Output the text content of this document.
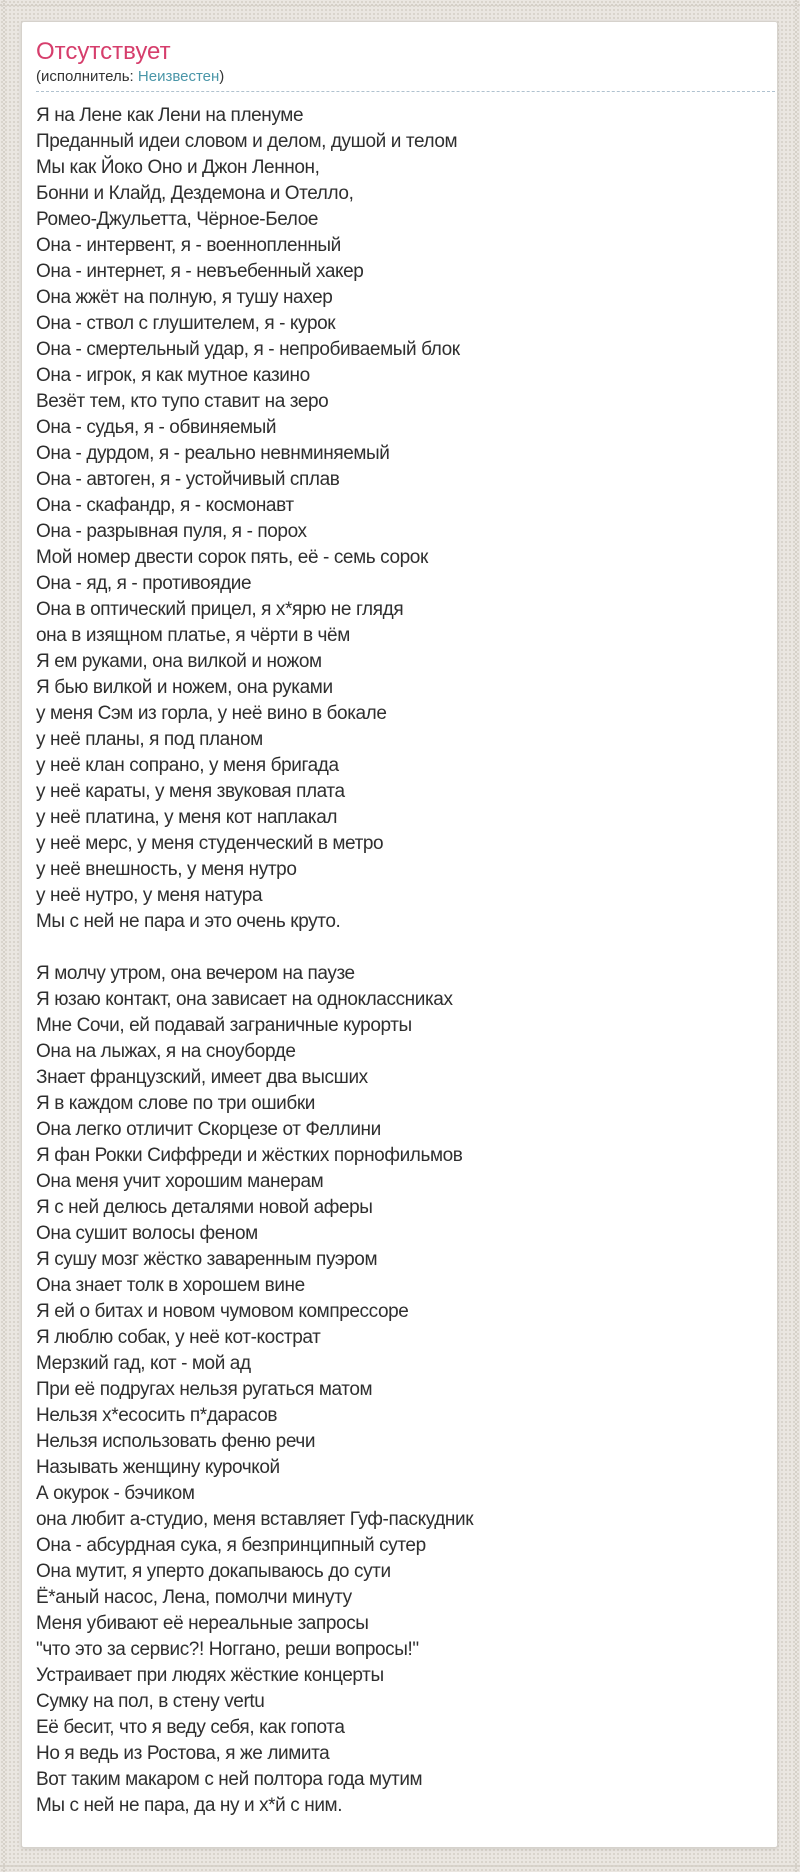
Отсутствует
(исполнитель: Неизвестен)
Я на Лене как Лени на пленуме
Преданный идеи словом и делом, душой и телом
Мы как Йоко Оно и Джон Леннон,
Бонни и Клайд, Дездемона и Отелло,
Ромео-Джульетта, Чёрное-Белое
Она - интервент, я - военнопленный
Она - интернет, я - невъебенный хакер
Она жжёт на полную, я тушу нахер
Она - ствол с глушителем, я - курок
Она - смертельный удар, я - непробиваемый блок
Она - игрок, я как мутное казино
Везёт тем, кто тупо ставит на зеро
Она - судья, я - обвиняемый
Она - дурдом, я - реально невнминяемый
Она - автоген, я - устойчивый сплав
Она - скафандр, я - космонавт
Она - разрывная пуля, я - порох
Мой номер двести сорок пять, её - семь сорок
Она - яд, я - противоядие
Она в оптический прицел, я х*ярю не глядя
она в изящном платье, я чёрти в чём
Я ем руками, она вилкой и ножом
Я бью вилкой и ножем, она руками
у меня Сэм из горла, у неё вино в бокале
у неё планы, я под планом
у неё клан сопрано, у меня бригада
у неё караты, у меня звуковая плата
у неё платина, у меня кот наплакал
у неё мерс, у меня студенческий в метро
у неё внешность, у меня нутро
у неё нутро, у меня натура
Мы с ней не пара и это очень круто.

Я молчу утром, она вечером на паузе
Я юзаю контакт, она зависает на одноклассниках
Мне Сочи, ей подавай заграничные курорты
Она на лыжах, я на сноуборде
Знает французский, имеет два высших
Я в каждом слове по три ошибки
Она легко отличит Скорцезе от Феллини
Я фан Рокки Сиффреди и жёстких порнофильмов
Она меня учит хорошим манерам
Я с ней делюсь деталями новой аферы
Она сушит волосы феном
Я сушу мозг жёстко заваренным пуэром
Она знает толк в хорошем вине
Я ей о битах и новом чумовом компрессоре
Я люблю собак, у неё кот-кострат
Мерзкий гад, кот - мой ад
При её подругах нельзя ругаться матом
Нельзя х*есосить п*дарасов
Нельзя использовать феню речи
Называть женщину курочкой
А окурок - бэчиком
она любит а-студио, меня вставляет Гуф-паскудник
Она - абсурдная сука, я безпринципный сутер
Она мутит, я уперто докапываюсь до сути
Ё*аный насос, Лена, помолчи минуту
Меня убивают её нереальные запросы
"что это за сервис?! Ноггано, реши вопросы!"
Устраивает при людях жёсткие концерты
Сумку на пол, в стену vertu
Её бесит, что я веду себя, как гопота
Но я ведь из Ростова, я же лимита
Вот таким макаром с ней полтора года мутим
Мы с ней не пара, да ну и х*й с ним.
